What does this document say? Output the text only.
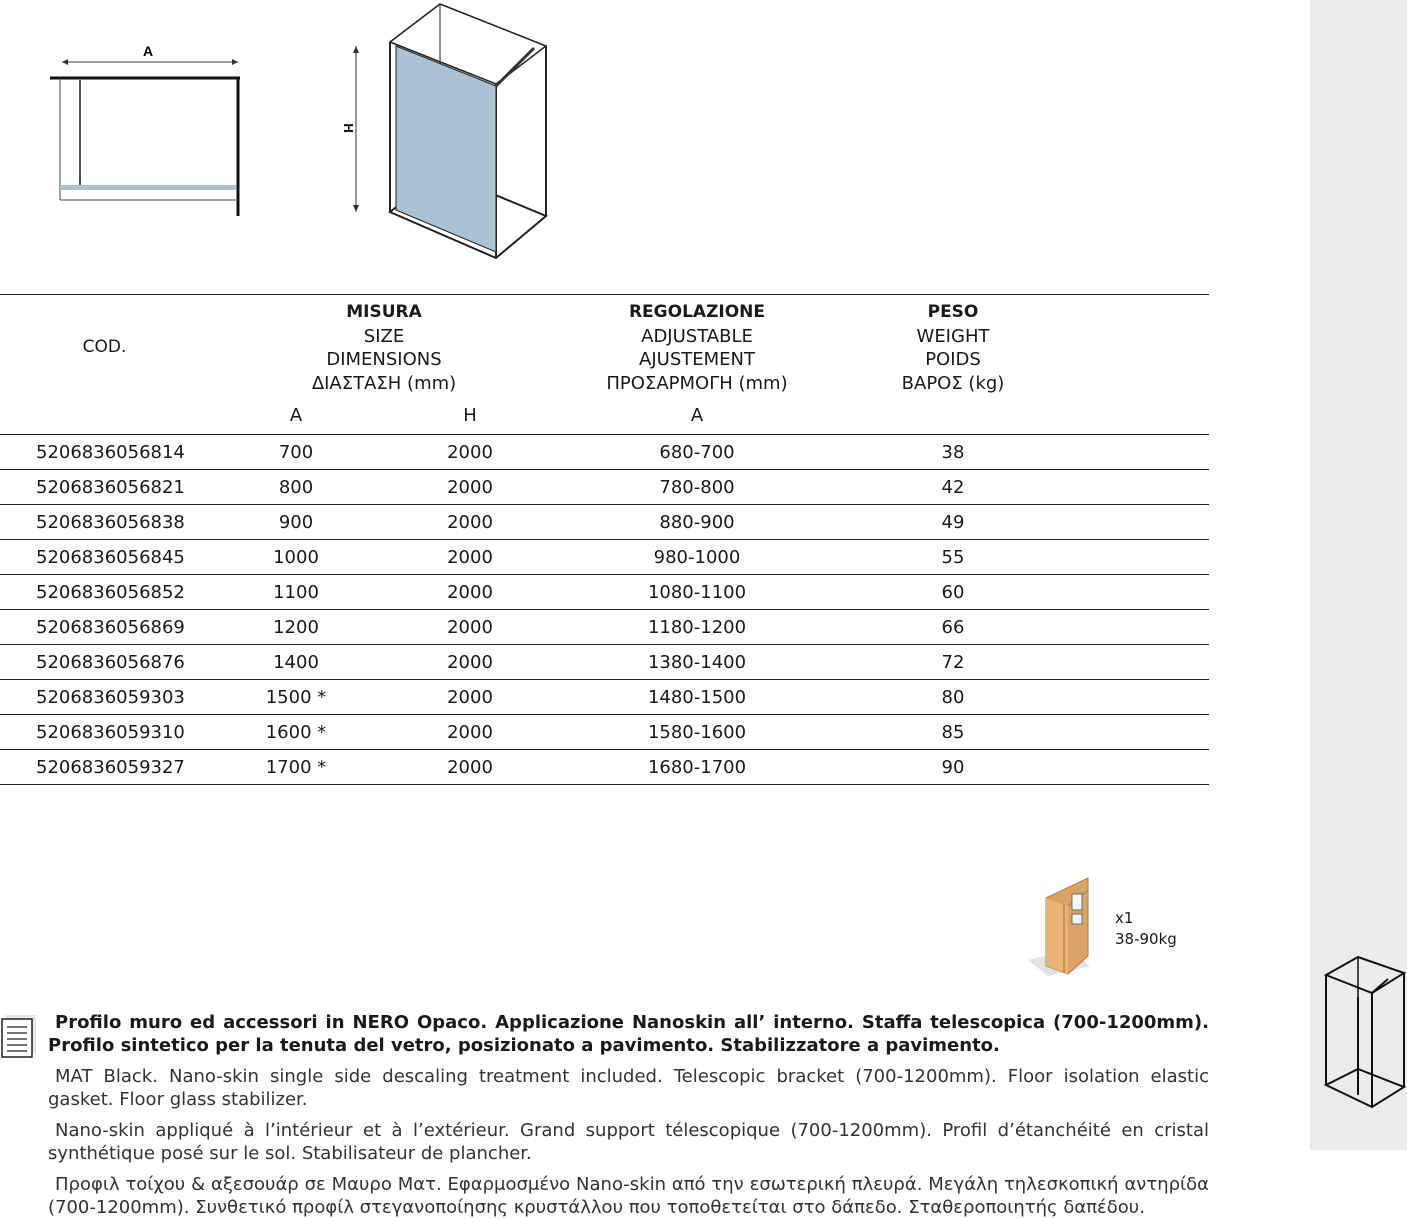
A
H
COD.	MISURA
SIZE
DIMENSIONS
ΔΙΑΣΤΑΣΗ (mm)		REGOLAZIONE
ADJUSTABLE
AJUSTEMENT
ΠΡΟΣΑΡΜΟΓΗ (mm)	PESO
WEIGHT
POIDS
ΒΑΡΟΣ (kg)	

	A	H	A		
5206836056814	700	2000	680-700	38	
5206836056821	800	2000	780-800	42	
5206836056838	900	2000	880-900	49	
5206836056845	1000	2000	980-1000	55	
5206836056852	1100	2000	1080-1100	60	
5206836056869	1200	2000	1180-1200	66	
5206836056876	1400	2000	1380-1400	72	
5206836059303	1500 *	2000	1480-1500	80	
5206836059310	1600 *	2000	1580-1600	85	
5206836059327	1700 *	2000	1680-1700	90	
x1
38-90kg

Profilo muro ed accessori in NERO Opaco. Applicazione Nanoskin all’ interno. Staffa telescopica (700-1200mm). Profilo sintetico per la tenuta del vetro, posizionato a pavimento. Stabilizzatore a pavimento.

MAT Black. Nano-skin single side descaling treatment included. Telescopic bracket (700-1200mm). Floor isolation elastic gasket. Floor glass stabilizer.

Nano-skin appliqué à l’intérieur et à l’extérieur. Grand support télescopique (700-1200mm). Profil d’étanchéité en cristal synthétique posé sur le sol. Stabilisateur de plancher.

Προφιλ τοίχου & αξεσουάρ σε Μαυρο Ματ. Εφαρμοσμένο Nano-skin από την εσωτερική πλευρά. Μεγάλη τηλεσκοπική αντηρίδα (700-1200mm). Συνθετικό προφίλ στεγανοποίησης κρυστάλλου που τοποθετείται στο δάπεδο. Σταθεροποιητής δαπέδου.
